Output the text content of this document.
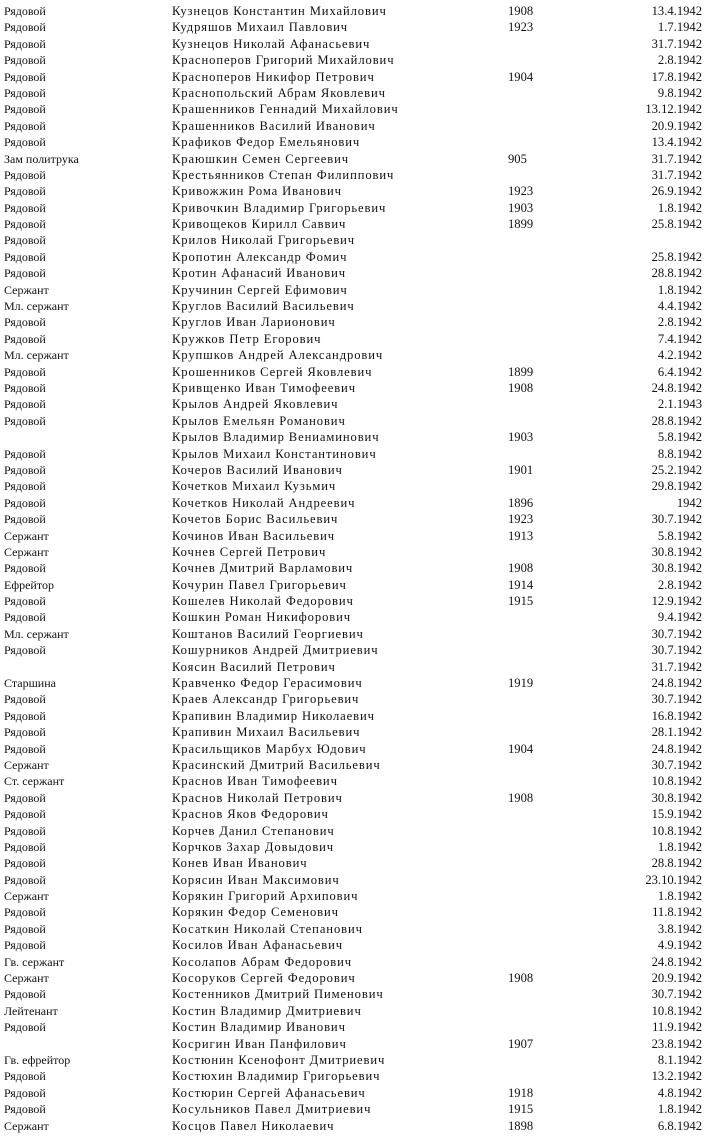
Рядовой	Кузнецов Константин Михайлович	1908	13.4.1942
Рядовой	Кудряшов Михаил Павлович	1923	1.7.1942
Рядовой	Кузнецов Николай Афанасьевич	31.7.1942
Рядовой	Красноперов Григорий Михайлович	2.8.1942
Рядовой	Красноперов Никифор Петрович	1904	17.8.1942
Рядовой	Краснопольский Абрам Яковлевич	9.8.1942
Рядовой	Крашенников Геннадий Михайлович	13.12.1942
Рядовой	Крашенников Василий Иванович	20.9.1942
Рядовой	Крафиков Федор Емельянович	13.4.1942
Зам политрука	Краюшкин Семен Сергеевич	905	31.7.1942
Рядовой	Крестьянников Степан Филиппович	31.7.1942
Рядовой	Кривожжин Рома Иванович	1923	26.9.1942
Рядовой	Кривочкин Владимир Григорьевич	1903	1.8.1942
Рядовой	Кривощеков Кирилл Саввич	1899	25.8.1942
Рядовой	Крилов Николай Григорьевич
Рядовой	Кропотин Александр Фомич	25.8.1942
Рядовой	Кротин Афанасий Иванович	28.8.1942
Сержант	Кручинин Сергей Ефимович	1.8.1942
Мл. сержант	Круглов Василий Васильевич	4.4.1942
Рядовой	Круглов Иван Ларионович	2.8.1942
Рядовой	Кружков Петр Егорович	7.4.1942
Мл. сержант	Крупшков Андрей Александрович	4.2.1942
Рядовой	Крошенников Сергей Яковлевич	1899	6.4.1942
Рядовой	Кривщенко Иван Тимофеевич	1908	24.8.1942
Рядовой	Крылов Андрей Яковлевич	2.1.1943
Рядовой	Крылов Емельян Романович	28.8.1942
Крылов Владимир Вениаминович	1903	5.8.1942
Рядовой	Крылов Михаил Константинович	8.8.1942
Рядовой	Кочеров Василий Иванович	1901	25.2.1942
Рядовой	Кочетков Михаил Кузьмич	29.8.1942
Рядовой	Кочетков Николай Андреевич	1896	1942
Рядовой	Кочетов Борис Васильевич	1923	30.7.1942
Сержант	Кочинов Иван Васильевич	1913	5.8.1942
Сержант	Кочнев Сергей Петрович	30.8.1942
Рядовой	Кочнев Дмитрий Варламович	1908	30.8.1942
Ефрейтор	Кочурин Павел Григорьевич	1914	2.8.1942
Рядовой	Кошелев Николай Федорович	1915	12.9.1942
Рядовой	Кошкин Роман Никифорович	9.4.1942
Мл. сержант	Коштанов Василий Георгиевич	30.7.1942
Рядовой	Кошурников Андрей Дмитриевич	30.7.1942
Коясин Василий Петрович	31.7.1942
Старшина	Кравченко Федор Герасимович	1919	24.8.1942
Рядовой	Краев Александр Григорьевич	30.7.1942
Рядовой	Крапивин Владимир Николаевич	16.8.1942
Рядовой	Крапивин Михаил Васильевич	28.1.1942
Рядовой	Красильщиков Марбух Юдович	1904	24.8.1942
Сержант	Красинский Дмитрий Васильевич	30.7.1942
Ст. сержант	Краснов Иван Тимофеевич	10.8.1942
Рядовой	Краснов Николай Петрович	1908	30.8.1942
Рядовой	Краснов Яков Федорович	15.9.1942
Рядовой	Корчев Данил Степанович	10.8.1942
Рядовой	Корчков Захар Довыдович	1.8.1942
Рядовой	Конев Иван Иванович	28.8.1942
Рядовой	Корясин Иван Максимович	23.10.1942
Сержант	Корякин Григорий Архипович	1.8.1942
Рядовой	Корякин Федор Семенович	11.8.1942
Рядовой	Косаткин Николай Степанович	3.8.1942
Рядовой	Косилов Иван Афанасьевич	4.9.1942
Гв. сержант	Косолапов Абрам Федорович	24.8.1942
Сержант	Косоруков Сергей Федорович	1908	20.9.1942
Рядовой	Костенников Дмитрий Пименович	30.7.1942
Лейтенант	Костин Владимир Дмитриевич	10.8.1942
Рядовой	Костин Владимир Иванович	11.9.1942
Косригин Иван Панфилович	1907	23.8.1942
Гв. ефрейтор	Костюнин Ксенофонт Дмитриевич	8.1.1942
Рядовой	Костюхин Владимир Григорьевич	13.2.1942
Рядовой	Костюрин Сергей Афанасьевич	1918	4.8.1942
Рядовой	Косульников Павел Дмитриевич	1915	1.8.1942
Сержант	Косцов Павел Николаевич	1898	6.8.1942
